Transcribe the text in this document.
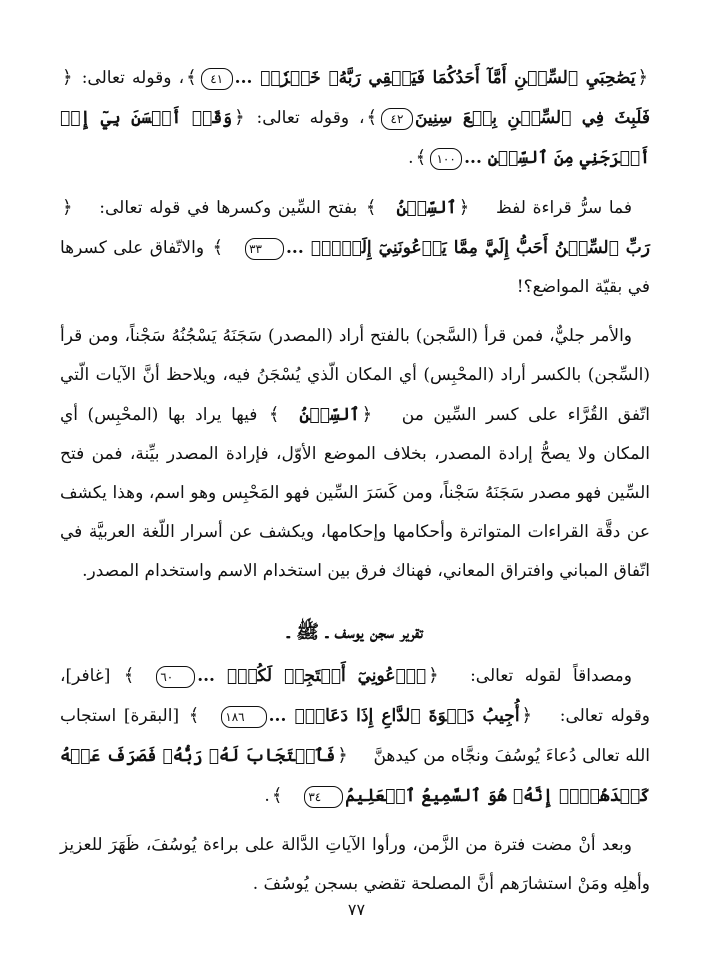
﴿يَصَٰحِبَيِ ٱلسِّجۡنِ أَمَّآ أَحَدُكُمَا فَيَسۡقِي رَبَّهُۥ خَمۡرٗاۖ ...٤١﴾، وقوله تعالى: ﴿فَلَبِثَ فِي ٱلسِّجۡنِ بِضۡعَ سِنِينَ٤٢﴾، وقوله تعالى: ﴿وَقَدۡ أَحۡسَنَ بِيٓ إِذۡ أَخۡرَجَنِي مِنَ ٱلسِّجۡنِ ...١٠٠﴾.

فما سرُّ قراءة لفظ ﴿ٱلسِّجۡنُ﴾ بفتح السِّين وكسرها في قوله تعالى: ﴿رَبِّ ٱلسِّجۡنُ أَحَبُّ إِلَيَّ مِمَّا يَدۡعُونَنِيٓ إِلَيۡهِۖ ...٣٣﴾ والاتّفاق على كسرها في بقيّة المواضع؟!

والأمر جليٌّ، فمن قرأ (السَّجن) بالفتح أراد (المصدر) سَجَنَهُ يَسْجُنُهُ سَجْناً، ومن قرأ (السِّجن) بالكسر أراد (المحْبِس) أي المكان الّذي يُسْجَنُ فيه، ويلاحظ أنَّ الآيات الّتي اتّفق القُرَّاء على كسر السِّين من ﴿ٱلسِّجۡنُ﴾ فيها يراد بها (المحْبِس) أي المكان ولا يصحُّ إرادة المصدر، بخلاف الموضع الأوّل، فإرادة المصدر بيِّنة، فمن فتح السِّين فهو مصدر سَجَنَهُ سَجْناً، ومن كَسَرَ السِّين فهو المَحْبِس وهو اسم، وهذا يكشف عن دقَّة القراءات المتواترة وأحكامها وإحكامها، ويكشف عن أسرار اللّغة العربيَّة في اتّفاق المباني وافتراق المعاني، فهناك فرق بين استخدام الاسم واستخدام المصدر.

تقرير سجن يوسف ـ ﷺ ـ

ومصداقاً لقوله تعالى: ﴿ٱدۡعُونِيٓ أَسۡتَجِبۡ لَكُمۡۚ ...٦٠﴾ [غافر]، وقوله تعالى: ﴿أُجِيبُ دَعۡوَةَ ٱلدَّاعِ إِذَا دَعَانِۖ ...١٨٦﴾ [البقرة] استجاب الله تعالى دُعاءَ يُوسُفَ ونجَّاه من كيدهنَّ ﴿فَٱسۡتَجَابَ لَهُۥ رَبُّهُۥ فَصَرَفَ عَنۡهُ كَيۡدَهُنَّۚ إِنَّهُۥ هُوَ ٱلسَّمِيعُ ٱلۡعَلِيمُ٣٤﴾.

وبعد أنْ مضت فترة من الزَّمن، ورأوا الآياتِ الدَّالة على براءة يُوسُفَ، ظَهَرَ للعزيز وأهلِه ومَنْ استشارَهم أنَّ المصلحة تقضي بسجن يُوسُفَ .

٧٧
